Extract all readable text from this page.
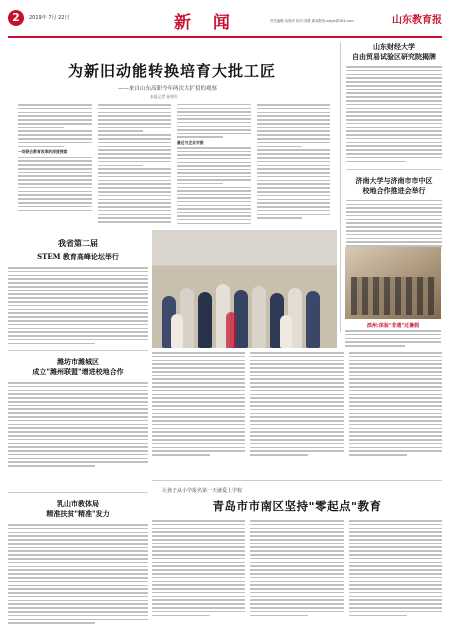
2	2019年 7月 22日	新 闻	责任编辑:吴海岸 校对:刘慧 新闻报线:sdjyb@163.com	山东教育报
为新旧动能转换培育大批工匠
——来自山东高职今年两次大扩招的观察
本报记者 孙海军
一场联合教育改革的深度探索
最近与企业对接
山东财经大学
自由贸易试验区研究院揭牌
济南大学与济南市市中区
校地合作推进会举行
滨州:体验"非遗"过暑假
我省第二届
STEM 教育高峰论坛举行
潍坊市潍城区
成立"潍州联盟"增进校地合作
乳山市教体局
精准扶贫"精准"发力
让孩子从小学报名第一天就爱上学校
青岛市市南区坚持"零起点"教育
